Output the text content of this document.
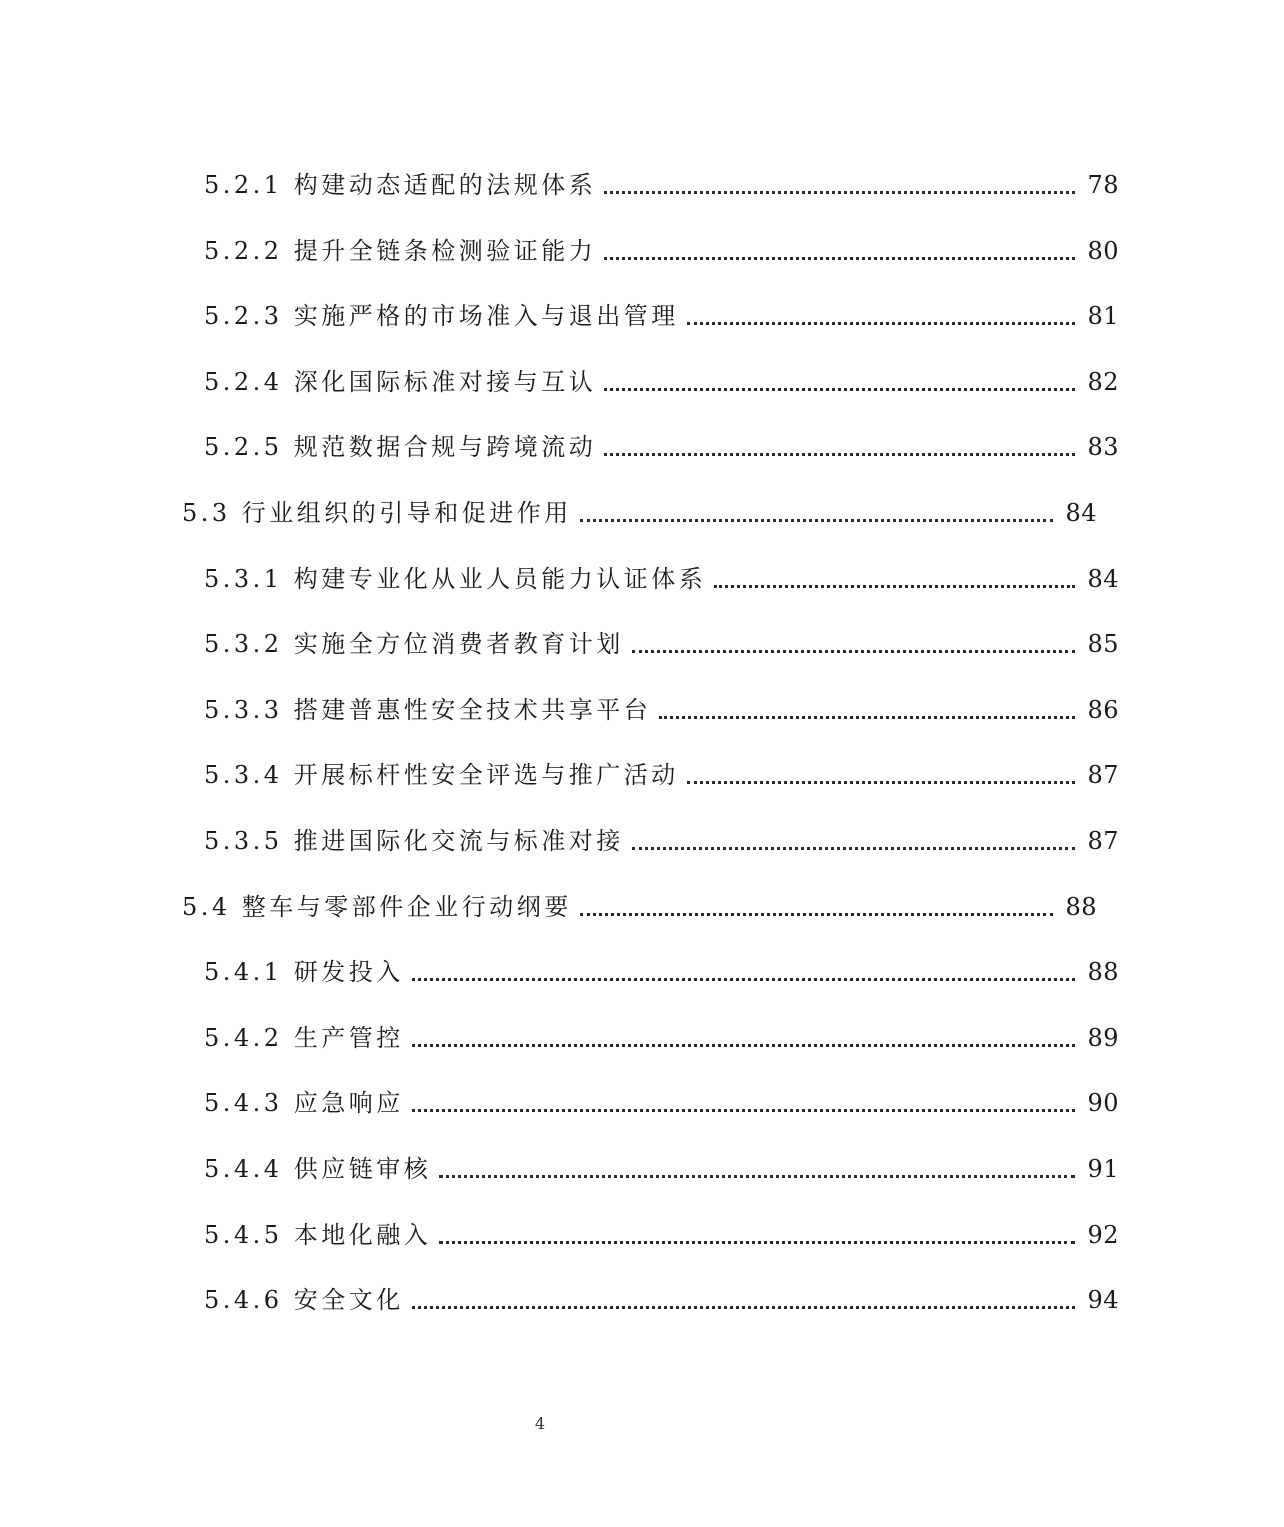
5.2.1 构建动态适配的法规体系	78
5.2.2 提升全链条检测验证能力	80
5.2.3 实施严格的市场准入与退出管理	81
5.2.4 深化国际标准对接与互认	82
5.2.5 规范数据合规与跨境流动	83
5.3 行业组织的引导和促进作用	84
5.3.1 构建专业化从业人员能力认证体系	84
5.3.2 实施全方位消费者教育计划	85
5.3.3 搭建普惠性安全技术共享平台	86
5.3.4 开展标杆性安全评选与推广活动	87
5.3.5 推进国际化交流与标准对接	87
5.4 整车与零部件企业行动纲要	88
5.4.1 研发投入	88
5.4.2 生产管控	89
5.4.3 应急响应	90
5.4.4 供应链审核	91
5.4.5 本地化融入	92
5.4.6 安全文化	94
4
